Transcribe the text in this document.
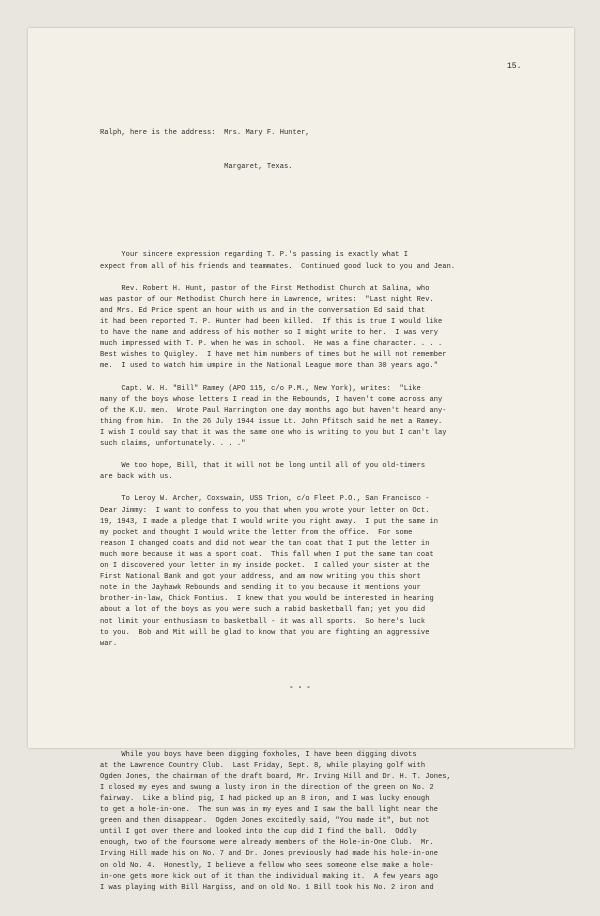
15.

Ralph, here is the address:  Mrs. Mary F. Hunter,

Margaret, Texas.

Your sincere expression regarding T. P.'s passing is exactly what I
expect from all of his friends and teammates.  Continued good luck to you and Jean.
Rev. Robert H. Hunt, pastor of the First Methodist Church at Salina, who
was pastor of our Methodist Church here in Lawrence, writes:  "Last night Rev.
and Mrs. Ed Price spent an hour with us and in the conversation Ed said that
it had been reported T. P. Hunter had been killed.  If this is true I would like
to have the name and address of his mother so I might write to her.  I was very
much impressed with T. P. when he was in school.  He was a fine character. . . .
Best wishes to Quigley.  I have met him numbers of times but he will not remember
me.  I used to watch him umpire in the National League more than 30 years ago."
Capt. W. H. "Bill" Ramey (APO 115, c/o P.M., New York), writes:  "Like
many of the boys whose letters I read in the Rebounds, I haven't come across any
of the K.U. men.  Wrote Paul Harrington one day months ago but haven't heard any-
thing from him.  In the 26 July 1944 issue Lt. John Pfitsch said he met a Ramey.
I wish I could say that it was the same one who is writing to you but I can't lay
such claims, unfortunately. . . ."
We too hope, Bill, that it will not be long until all of you old-timers
are back with us.
To Leroy W. Archer, Coxswain, USS Trion, c/o Fleet P.O., San Francisco -
Dear Jimmy:  I want to confess to you that when you wrote your letter on Oct.
19, 1943, I made a pledge that I would write you right away.  I put the same in
my pocket and thought I would write the letter from the office.  For some
reason I changed coats and did not wear the tan coat that I put the letter in
much more because it was a sport coat.  This fall when I put the same tan coat
on I discovered your letter in my inside pocket.  I called your sister at the
First National Bank and got your address, and am now writing you this short
note in the Jayhawk Rebounds and sending it to you because it mentions your
brother-in-law, Chick Fontius.  I knew that you would be interested in hearing
about a lot of the boys as you were such a rabid basketball fan; yet you did
not limit your enthusiasm to basketball - it was all sports.  So here's luck
to you.  Bob and Mit will be glad to know that you are fighting an aggressive
war.

- - -

While you boys have been digging foxholes, I have been digging divots
at the Lawrence Country Club.  Last Friday, Sept. 8, while playing golf with
Ogden Jones, the chairman of the draft board, Mr. Irving Hill and Dr. H. T. Jones,
I closed my eyes and swung a lusty iron in the direction of the green on No. 2
fairway.  Like a blind pig, I had picked up an 8 iron, and I was lucky enough
to get a hole-in-one.  The sun was in my eyes and I saw the ball light near the
green and then disappear.  Ogden Jones excitedly said, "You made it", but not
until I got over there and looked into the cup did I find the ball.  Oddly
enough, two of the foursome were already members of the Hole-in-One Club.  Mr.
Irving Hill made his on No. 7 and Dr. Jones previously had made his hole-in-one
on old No. 4.  Honestly, I believe a fellow who sees someone else make a hole-
in-one gets more kick out of it than the individual making it.  A few years ago
I was playing with Bill Hargiss, and on old No. 1 Bill took his No. 2 iron and
